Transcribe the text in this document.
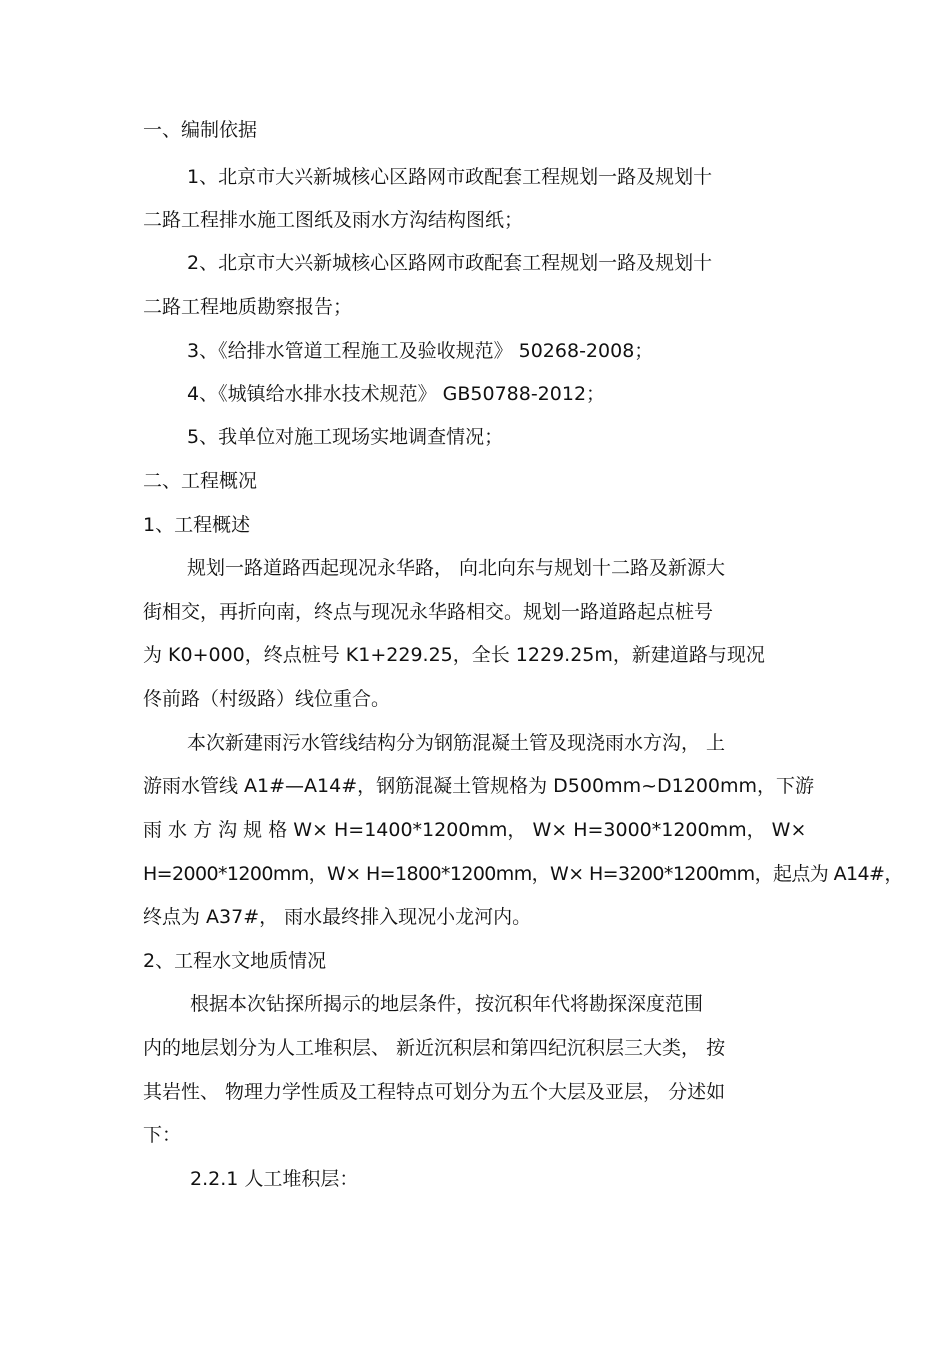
一、编制依据
1、北京市大兴新城核心区路网市政配套工程规划一路及规划十
二路工程排水施工图纸及雨水方沟结构图纸；
2、北京市大兴新城核心区路网市政配套工程规划一路及规划十
二路工程地质勘察报告；
3、《给排水管道工程施工及验收规范》 50268-2008；
4、《城镇给水排水技术规范》 GB50788-2012；
5、我单位对施工现场实地调查情况；
二、工程概况
1、工程概述
规划一路道路西起现况永华路， 向北向东与规划十二路及新源大
街相交，再折向南，终点与现况永华路相交。规划一路道路起点桩号
为 K0+000，终点桩号 K1+229.25，全长 1229.25m，新建道路与现况
佟前路（村级路）线位重合。
本次新建雨污水管线结构分为钢筋混凝土管及现浇雨水方沟， 上
游雨水管线 A1#—A14#，钢筋混凝土管规格为 D500mm~D1200mm，下游
雨 水 方 沟 规 格 W× H=1400*1200mm， W× H=3000*1200mm， W×
H=2000*1200mm，W× H=1800*1200mm，W× H=3200*1200mm，起点为 A14#，
终点为 A37#， 雨水最终排入现况小龙河内。
2、工程水文地质情况
根据本次钻探所揭示的地层条件，按沉积年代将勘探深度范围
内的地层划分为人工堆积层、 新近沉积层和第四纪沉积层三大类， 按
其岩性、 物理力学性质及工程特点可划分为五个大层及亚层， 分述如
下：
2.2.1 人工堆积层：
